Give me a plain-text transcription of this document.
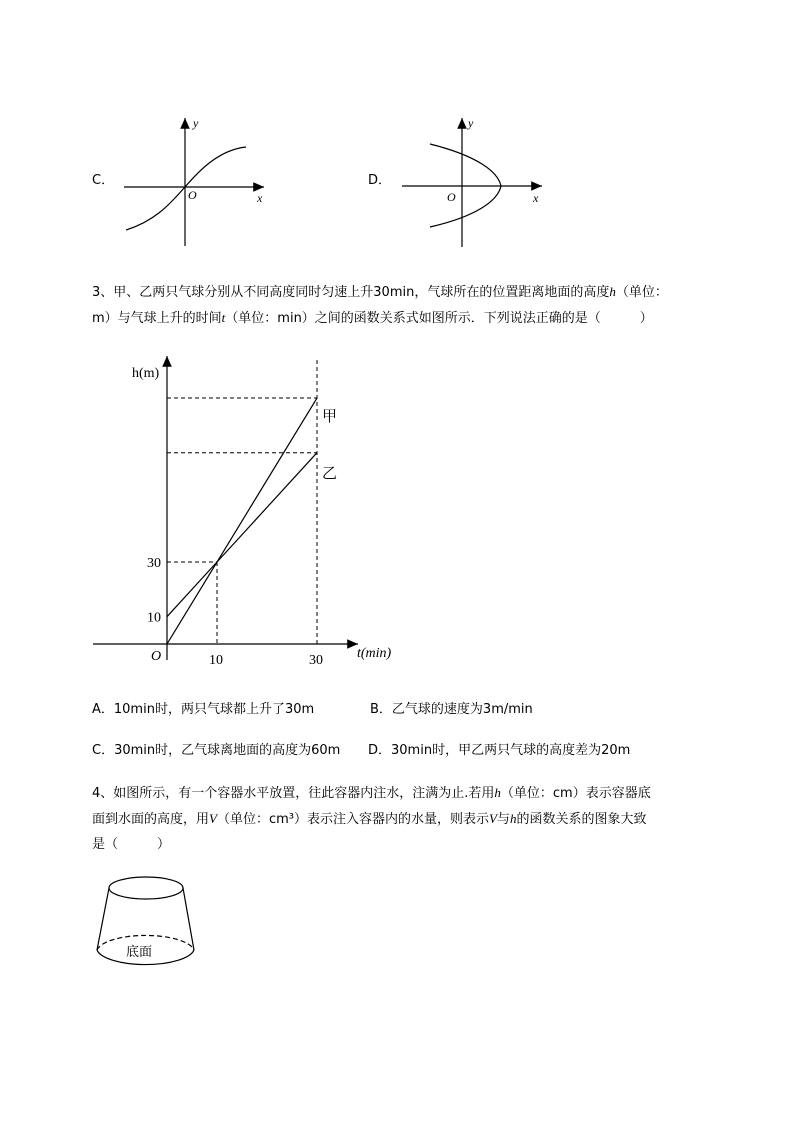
C．
y
x
O
D．
y
x
O
3、甲、乙两只气球分别从不同高度同时匀速上升30min，气球所在的位置距离地面的高度h（单位：
m）与气球上升的时间t（单位：min）之间的函数关系式如图所示．下列说法正确的是（　　　）
10
30
10	30
h(m)
t(min)
O
甲
乙
A．10min时，两只气球都上升了30m	B．乙气球的速度为3m/min
C．30min时，乙气球离地面的高度为60m D．30min时，甲乙两只气球的高度差为20m
4、如图所示，有一个容器水平放置，往此容器内注水，注满为止.若用h（单位：cm）表示容器底
面到水面的高度，用V（单位：cm³）表示注入容器内的水量，则表示V与h的函数关系的图象大致
是（　　　）
底面
